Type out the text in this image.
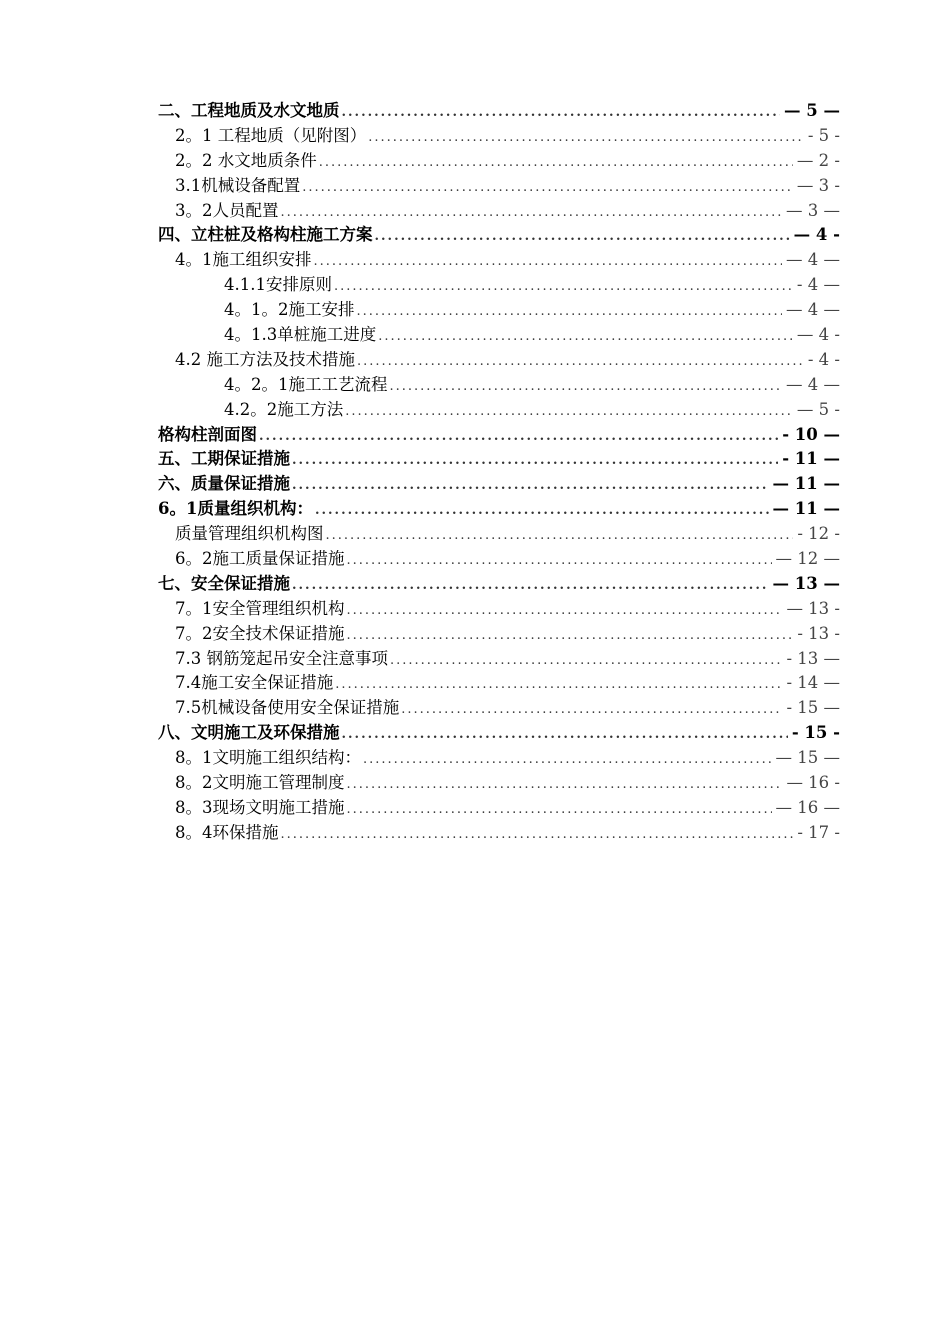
二、工程地质及水文地质 .....	— 5 —
2。1 工程地质（见附图） .....	- 5 -
2。2 水文地质条件 .....	— 2 -
3.1机械设备配置 .....	— 3 -
3。2人员配置 .....	— 3 —
四、立柱桩及格构柱施工方案 .....	— 4 -
4。1施工组织安排 .....	— 4 —
4.1.1安排原则 .....	- 4 —
4。1。2施工安排 .....	— 4 —
4。1.3单桩施工进度 .....	— 4 -
4.2 施工方法及技术措施 .....	- 4 -
4。2。1施工工艺流程 .....	— 4 —
4.2。2施工方法 .....	— 5 -
格构柱剖面图 .....	- 10 —
五、工期保证措施 .....	- 11 —
六、质量保证措施 .....	— 11 —
6。1质量组织机构： .....	— 11 —
质量管理组织机构图 .....	- 12 -
6。2施工质量保证措施 .....	— 12 —
七、安全保证措施 .....	— 13 —
7。1安全管理组织机构 .....	— 13 -
7。2安全技术保证措施 .....	- 13 -
7.3 钢筋笼起吊安全注意事项 .....	- 13 —
7.4施工安全保证措施 .....	- 14 —
7.5机械设备使用安全保证措施 .....	- 15 —
八、文明施工及环保措施 .....	- 15 -
8。1文明施工组织结构： .....	— 15 —
8。2文明施工管理制度 .....	— 16 -
8。3现场文明施工措施 .....	— 16 —
8。4环保措施 .....	- 17 -
